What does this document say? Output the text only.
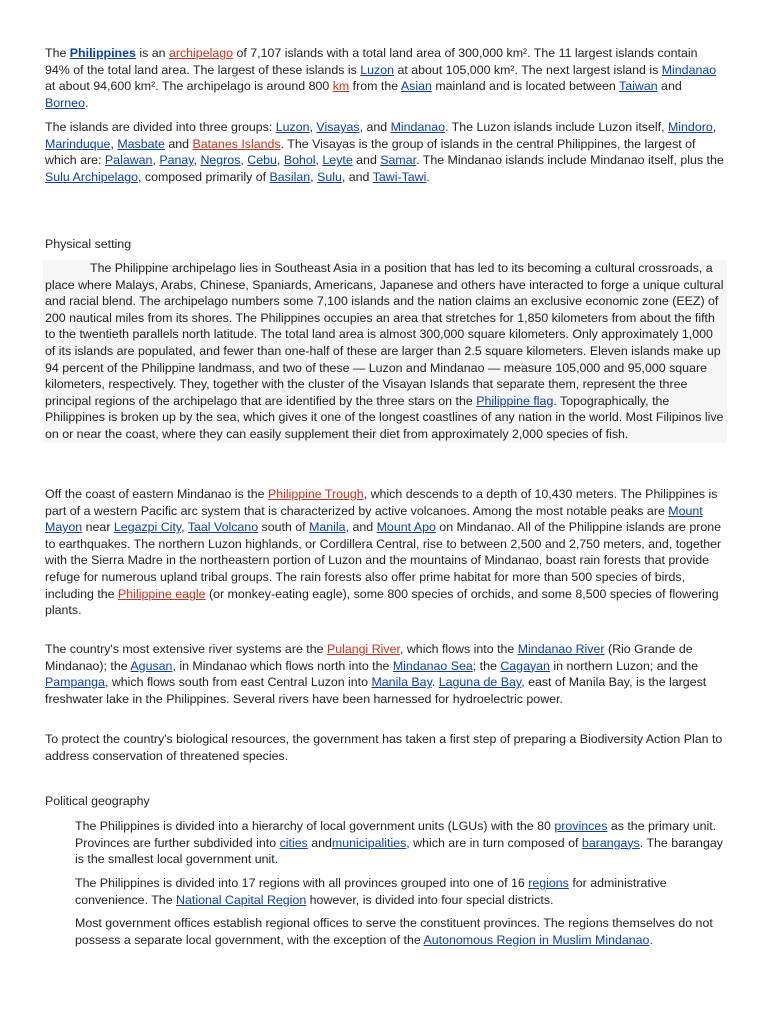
The Philippines is an archipelago of 7,107 islands with a total land area of 300,000 km². The 11 largest islands contain 94% of the total land area. The largest of these islands is Luzon at about 105,000 km². The next largest island is Mindanao at about 94,600 km². The archipelago is around 800 km from the Asian mainland and is located between Taiwan and Borneo.

The islands are divided into three groups: Luzon, Visayas, and Mindanao. The Luzon islands include Luzon itself, Mindoro, Marinduque, Masbate and Batanes Islands. The Visayas is the group of islands in the central Philippines, the largest of which are: Palawan, Panay, Negros, Cebu, Bohol, Leyte and Samar. The Mindanao islands include Mindanao itself, plus the Sulu Archipelago, composed primarily of Basilan, Sulu, and Tawi-Tawi.

Physical setting

The Philippine archipelago lies in Southeast Asia in a position that has led to its becoming a cultural crossroads, a place where Malays, Arabs, Chinese, Spaniards, Americans, Japanese and others have interacted to forge a unique cultural and racial blend. The archipelago numbers some 7,100 islands and the nation claims an exclusive economic zone (EEZ) of 200 nautical miles from its shores. The Philippines occupies an area that stretches for 1,850 kilometers from about the fifth to the twentieth parallels north latitude. The total land area is almost 300,000 square kilometers. Only approximately 1,000 of its islands are populated, and fewer than one-half of these are larger than 2.5 square kilometers. Eleven islands make up 94 percent of the Philippine landmass, and two of these — Luzon and Mindanao — measure 105,000 and 95,000 square kilometers, respectively. They, together with the cluster of the Visayan Islands that separate them, represent the three principal regions of the archipelago that are identified by the three stars on the Philippine flag. Topographically, the Philippines is broken up by the sea, which gives it one of the longest coastlines of any nation in the world. Most Filipinos live on or near the coast, where they can easily supplement their diet from approximately 2,000 species of fish.

Off the coast of eastern Mindanao is the Philippine Trough, which descends to a depth of 10,430 meters. The Philippines is part of a western Pacific arc system that is characterized by active volcanoes. Among the most notable peaks are Mount Mayon near Legazpi City, Taal Volcano south of Manila, and Mount Apo on Mindanao. All of the Philippine islands are prone to earthquakes. The northern Luzon highlands, or Cordillera Central, rise to between 2,500 and 2,750 meters, and, together with the Sierra Madre in the northeastern portion of Luzon and the mountains of Mindanao, boast rain forests that provide refuge for numerous upland tribal groups. The rain forests also offer prime habitat for more than 500 species of birds, including the Philippine eagle (or monkey-eating eagle), some 800 species of orchids, and some 8,500 species of flowering plants.

The country's most extensive river systems are the Pulangi River, which flows into the Mindanao River (Rio Grande de Mindanao); the Agusan, in Mindanao which flows north into the Mindanao Sea; the Cagayan in northern Luzon; and the Pampanga, which flows south from east Central Luzon into Manila Bay. Laguna de Bay, east of Manila Bay, is the largest freshwater lake in the Philippines. Several rivers have been harnessed for hydroelectric power.

To protect the country's biological resources, the government has taken a first step of preparing a Biodiversity Action Plan to address conservation of threatened species.

Political geography

The Philippines is divided into a hierarchy of local government units (LGUs) with the 80 provinces as the primary unit. Provinces are further subdivided into cities andmunicipalities, which are in turn composed of barangays. The barangay is the smallest local government unit.

The Philippines is divided into 17 regions with all provinces grouped into one of 16 regions for administrative convenience. The National Capital Region however, is divided into four special districts.

Most government offices establish regional offices to serve the constituent provinces. The regions themselves do not possess a separate local government, with the exception of the Autonomous Region in Muslim Mindanao.
